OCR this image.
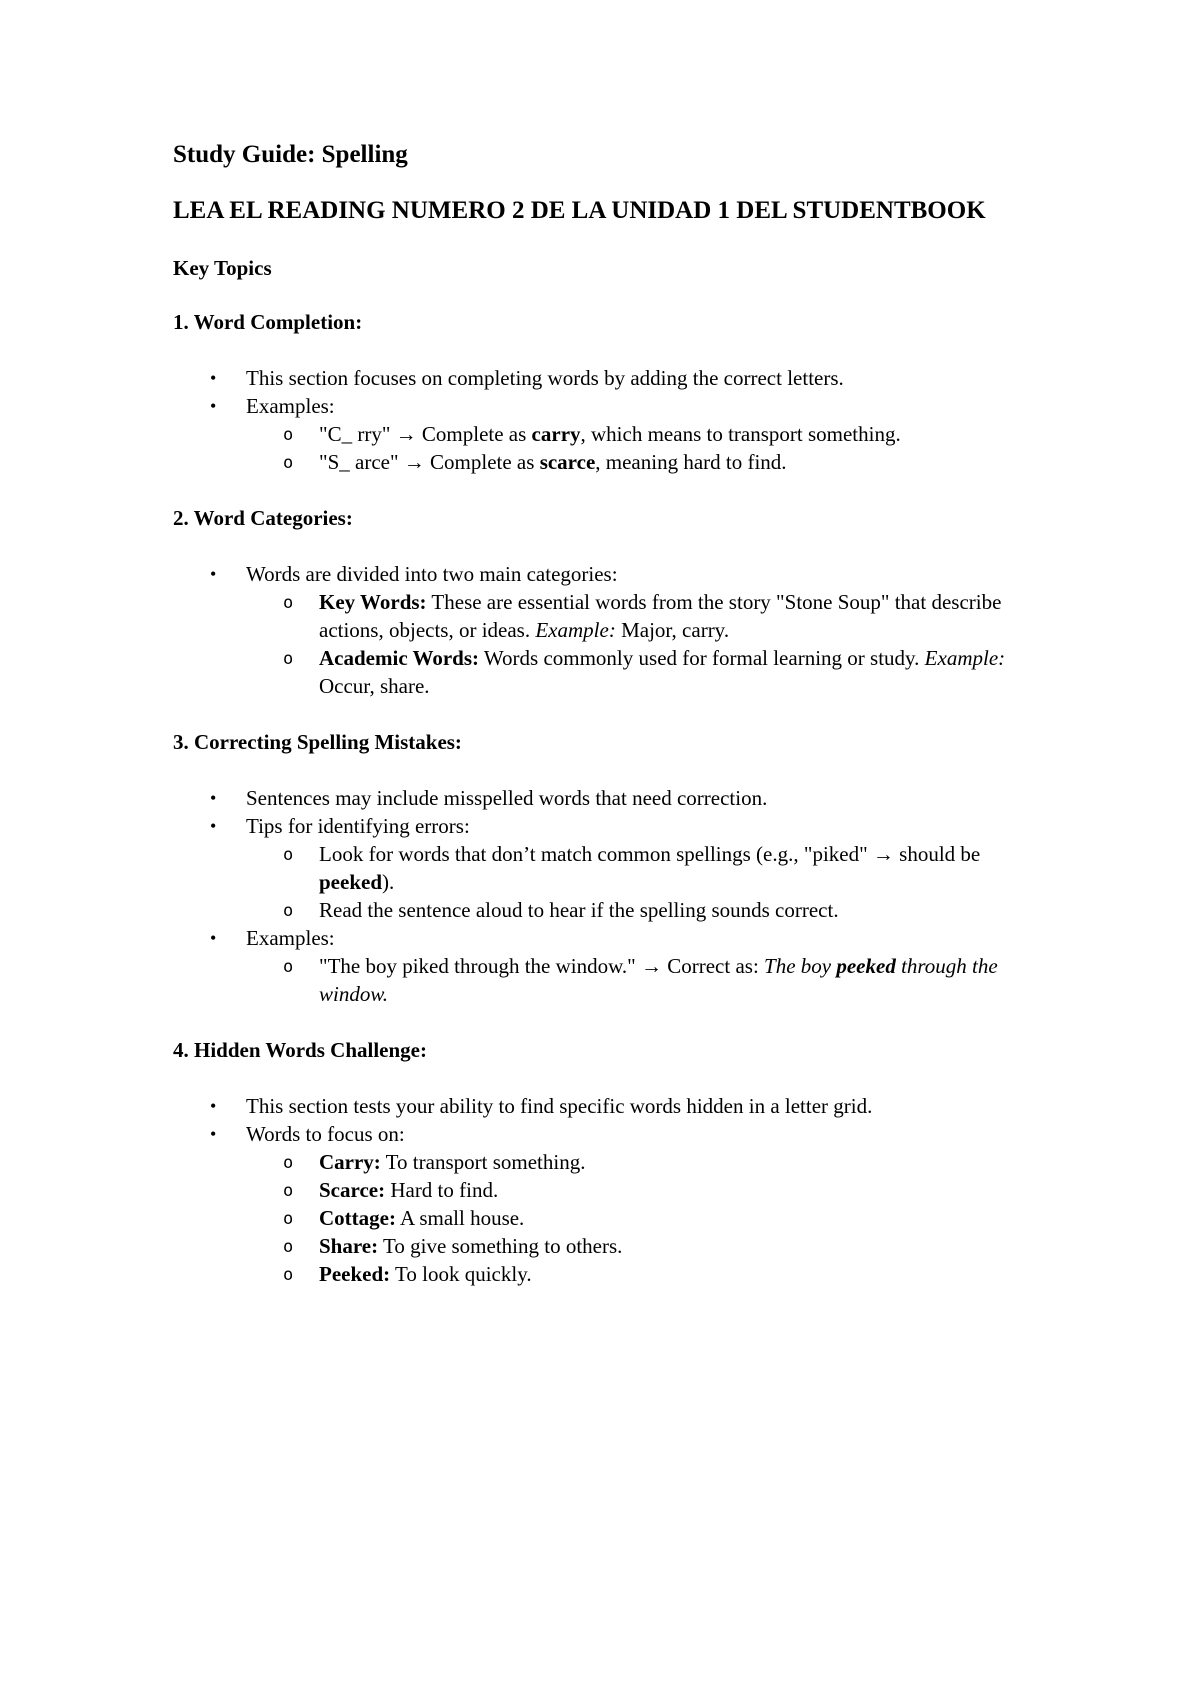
Study Guide: Spelling
LEA EL READING NUMERO 2 DE LA UNIDAD 1 DEL STUDENTBOOK
Key Topics
1. Word Completion:
• This section focuses on completing words by adding the correct letters.
• Examples:
o "C_ rry" → Complete as carry, which means to transport something.
o "S_ arce" → Complete as scarce, meaning hard to find.
2. Word Categories:
• Words are divided into two main categories:
o Key Words: These are essential words from the story "Stone Soup" that describe actions, objects, or ideas. Example: Major, carry.
o Academic Words: Words commonly used for formal learning or study. Example: Occur, share.
3. Correcting Spelling Mistakes:
• Sentences may include misspelled words that need correction.
• Tips for identifying errors:
o Look for words that don’t match common spellings (e.g., "piked" → should be peeked).
o Read the sentence aloud to hear if the spelling sounds correct.
• Examples:
o "The boy piked through the window." → Correct as: The boy peeked through the window.
4. Hidden Words Challenge:
• This section tests your ability to find specific words hidden in a letter grid.
• Words to focus on:
o Carry: To transport something.
o Scarce: Hard to find.
o Cottage: A small house.
o Share: To give something to others.
o Peeked: To look quickly.
